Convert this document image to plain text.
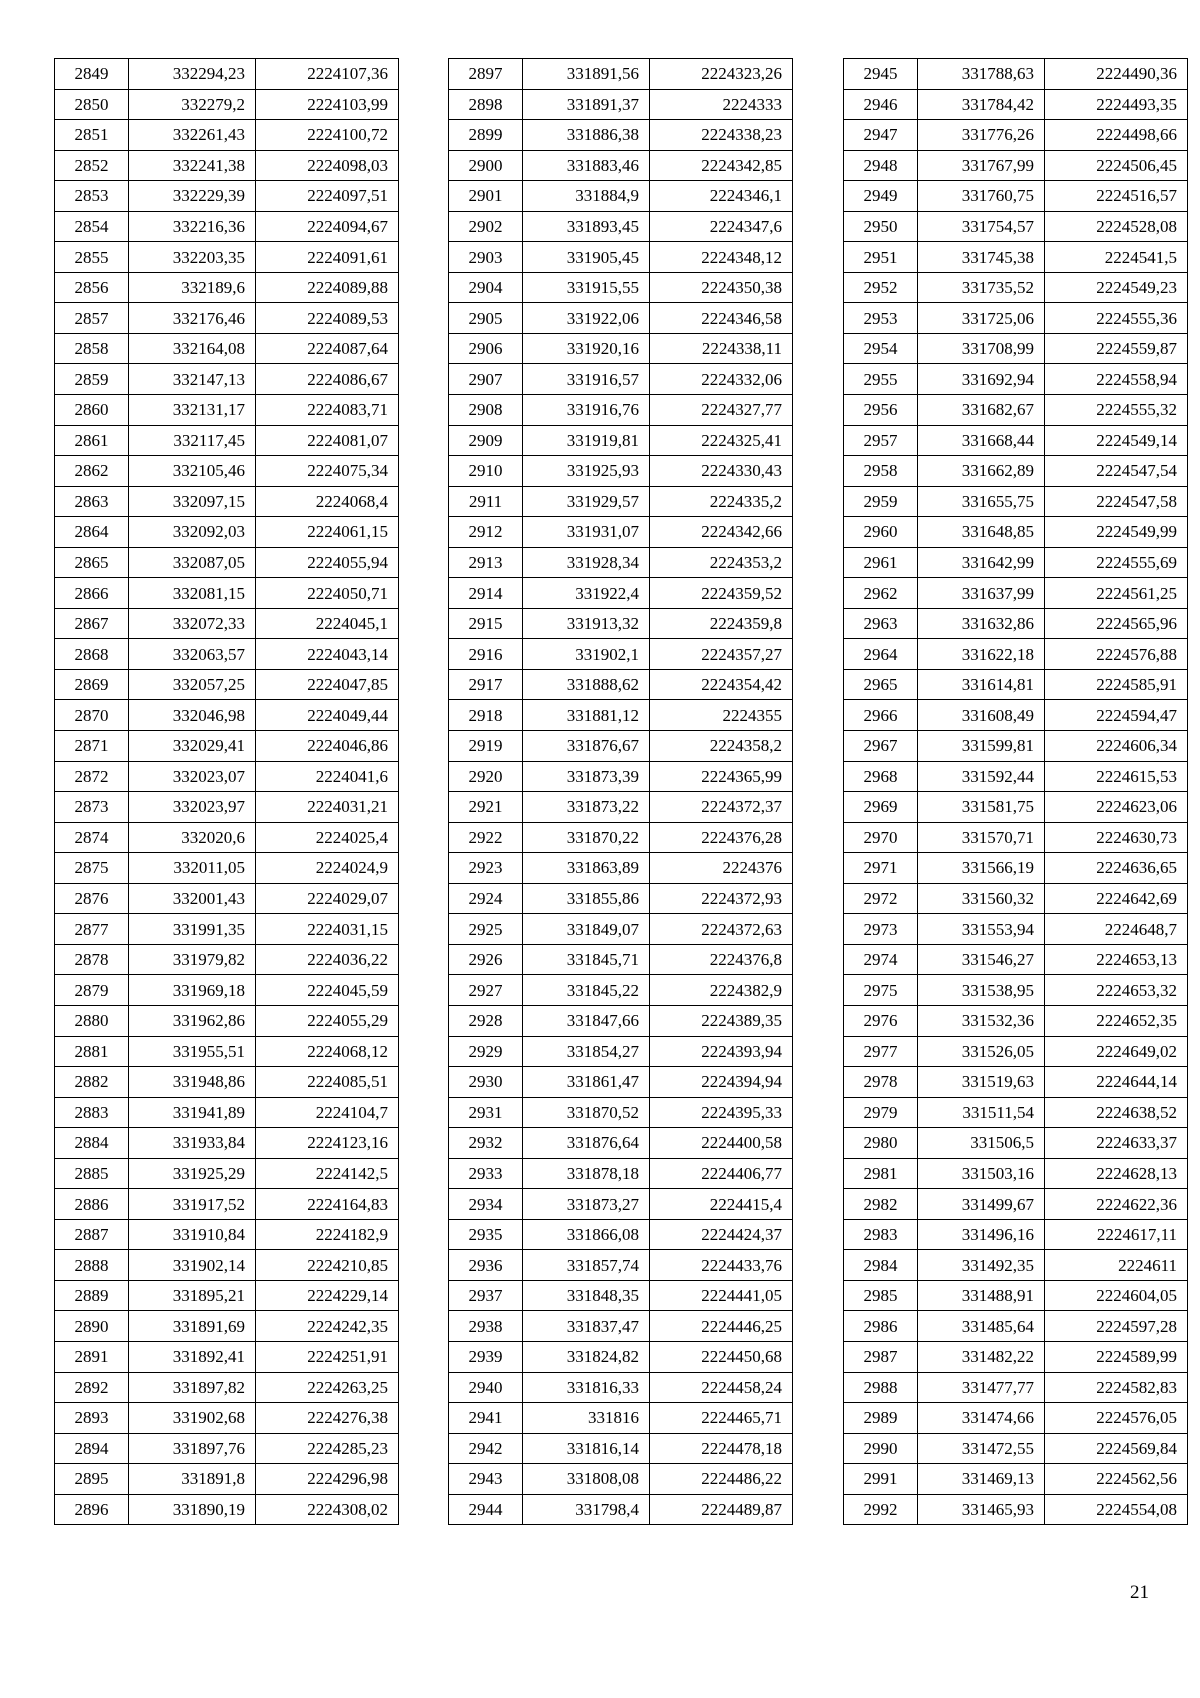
2849	332294,23	2224107,36
2850	332279,2	2224103,99
2851	332261,43	2224100,72
2852	332241,38	2224098,03
2853	332229,39	2224097,51
2854	332216,36	2224094,67
2855	332203,35	2224091,61
2856	332189,6	2224089,88
2857	332176,46	2224089,53
2858	332164,08	2224087,64
2859	332147,13	2224086,67
2860	332131,17	2224083,71
2861	332117,45	2224081,07
2862	332105,46	2224075,34
2863	332097,15	2224068,4
2864	332092,03	2224061,15
2865	332087,05	2224055,94
2866	332081,15	2224050,71
2867	332072,33	2224045,1
2868	332063,57	2224043,14
2869	332057,25	2224047,85
2870	332046,98	2224049,44
2871	332029,41	2224046,86
2872	332023,07	2224041,6
2873	332023,97	2224031,21
2874	332020,6	2224025,4
2875	332011,05	2224024,9
2876	332001,43	2224029,07
2877	331991,35	2224031,15
2878	331979,82	2224036,22
2879	331969,18	2224045,59
2880	331962,86	2224055,29
2881	331955,51	2224068,12
2882	331948,86	2224085,51
2883	331941,89	2224104,7
2884	331933,84	2224123,16
2885	331925,29	2224142,5
2886	331917,52	2224164,83
2887	331910,84	2224182,9
2888	331902,14	2224210,85
2889	331895,21	2224229,14
2890	331891,69	2224242,35
2891	331892,41	2224251,91
2892	331897,82	2224263,25
2893	331902,68	2224276,38
2894	331897,76	2224285,23
2895	331891,8	2224296,98
2896	331890,19	2224308,02
2897	331891,56	2224323,26
2898	331891,37	2224333
2899	331886,38	2224338,23
2900	331883,46	2224342,85
2901	331884,9	2224346,1
2902	331893,45	2224347,6
2903	331905,45	2224348,12
2904	331915,55	2224350,38
2905	331922,06	2224346,58
2906	331920,16	2224338,11
2907	331916,57	2224332,06
2908	331916,76	2224327,77
2909	331919,81	2224325,41
2910	331925,93	2224330,43
2911	331929,57	2224335,2
2912	331931,07	2224342,66
2913	331928,34	2224353,2
2914	331922,4	2224359,52
2915	331913,32	2224359,8
2916	331902,1	2224357,27
2917	331888,62	2224354,42
2918	331881,12	2224355
2919	331876,67	2224358,2
2920	331873,39	2224365,99
2921	331873,22	2224372,37
2922	331870,22	2224376,28
2923	331863,89	2224376
2924	331855,86	2224372,93
2925	331849,07	2224372,63
2926	331845,71	2224376,8
2927	331845,22	2224382,9
2928	331847,66	2224389,35
2929	331854,27	2224393,94
2930	331861,47	2224394,94
2931	331870,52	2224395,33
2932	331876,64	2224400,58
2933	331878,18	2224406,77
2934	331873,27	2224415,4
2935	331866,08	2224424,37
2936	331857,74	2224433,76
2937	331848,35	2224441,05
2938	331837,47	2224446,25
2939	331824,82	2224450,68
2940	331816,33	2224458,24
2941	331816	2224465,71
2942	331816,14	2224478,18
2943	331808,08	2224486,22
2944	331798,4	2224489,87
2945	331788,63	2224490,36
2946	331784,42	2224493,35
2947	331776,26	2224498,66
2948	331767,99	2224506,45
2949	331760,75	2224516,57
2950	331754,57	2224528,08
2951	331745,38	2224541,5
2952	331735,52	2224549,23
2953	331725,06	2224555,36
2954	331708,99	2224559,87
2955	331692,94	2224558,94
2956	331682,67	2224555,32
2957	331668,44	2224549,14
2958	331662,89	2224547,54
2959	331655,75	2224547,58
2960	331648,85	2224549,99
2961	331642,99	2224555,69
2962	331637,99	2224561,25
2963	331632,86	2224565,96
2964	331622,18	2224576,88
2965	331614,81	2224585,91
2966	331608,49	2224594,47
2967	331599,81	2224606,34
2968	331592,44	2224615,53
2969	331581,75	2224623,06
2970	331570,71	2224630,73
2971	331566,19	2224636,65
2972	331560,32	2224642,69
2973	331553,94	2224648,7
2974	331546,27	2224653,13
2975	331538,95	2224653,32
2976	331532,36	2224652,35
2977	331526,05	2224649,02
2978	331519,63	2224644,14
2979	331511,54	2224638,52
2980	331506,5	2224633,37
2981	331503,16	2224628,13
2982	331499,67	2224622,36
2983	331496,16	2224617,11
2984	331492,35	2224611
2985	331488,91	2224604,05
2986	331485,64	2224597,28
2987	331482,22	2224589,99
2988	331477,77	2224582,83
2989	331474,66	2224576,05
2990	331472,55	2224569,84
2991	331469,13	2224562,56
2992	331465,93	2224554,08
21
